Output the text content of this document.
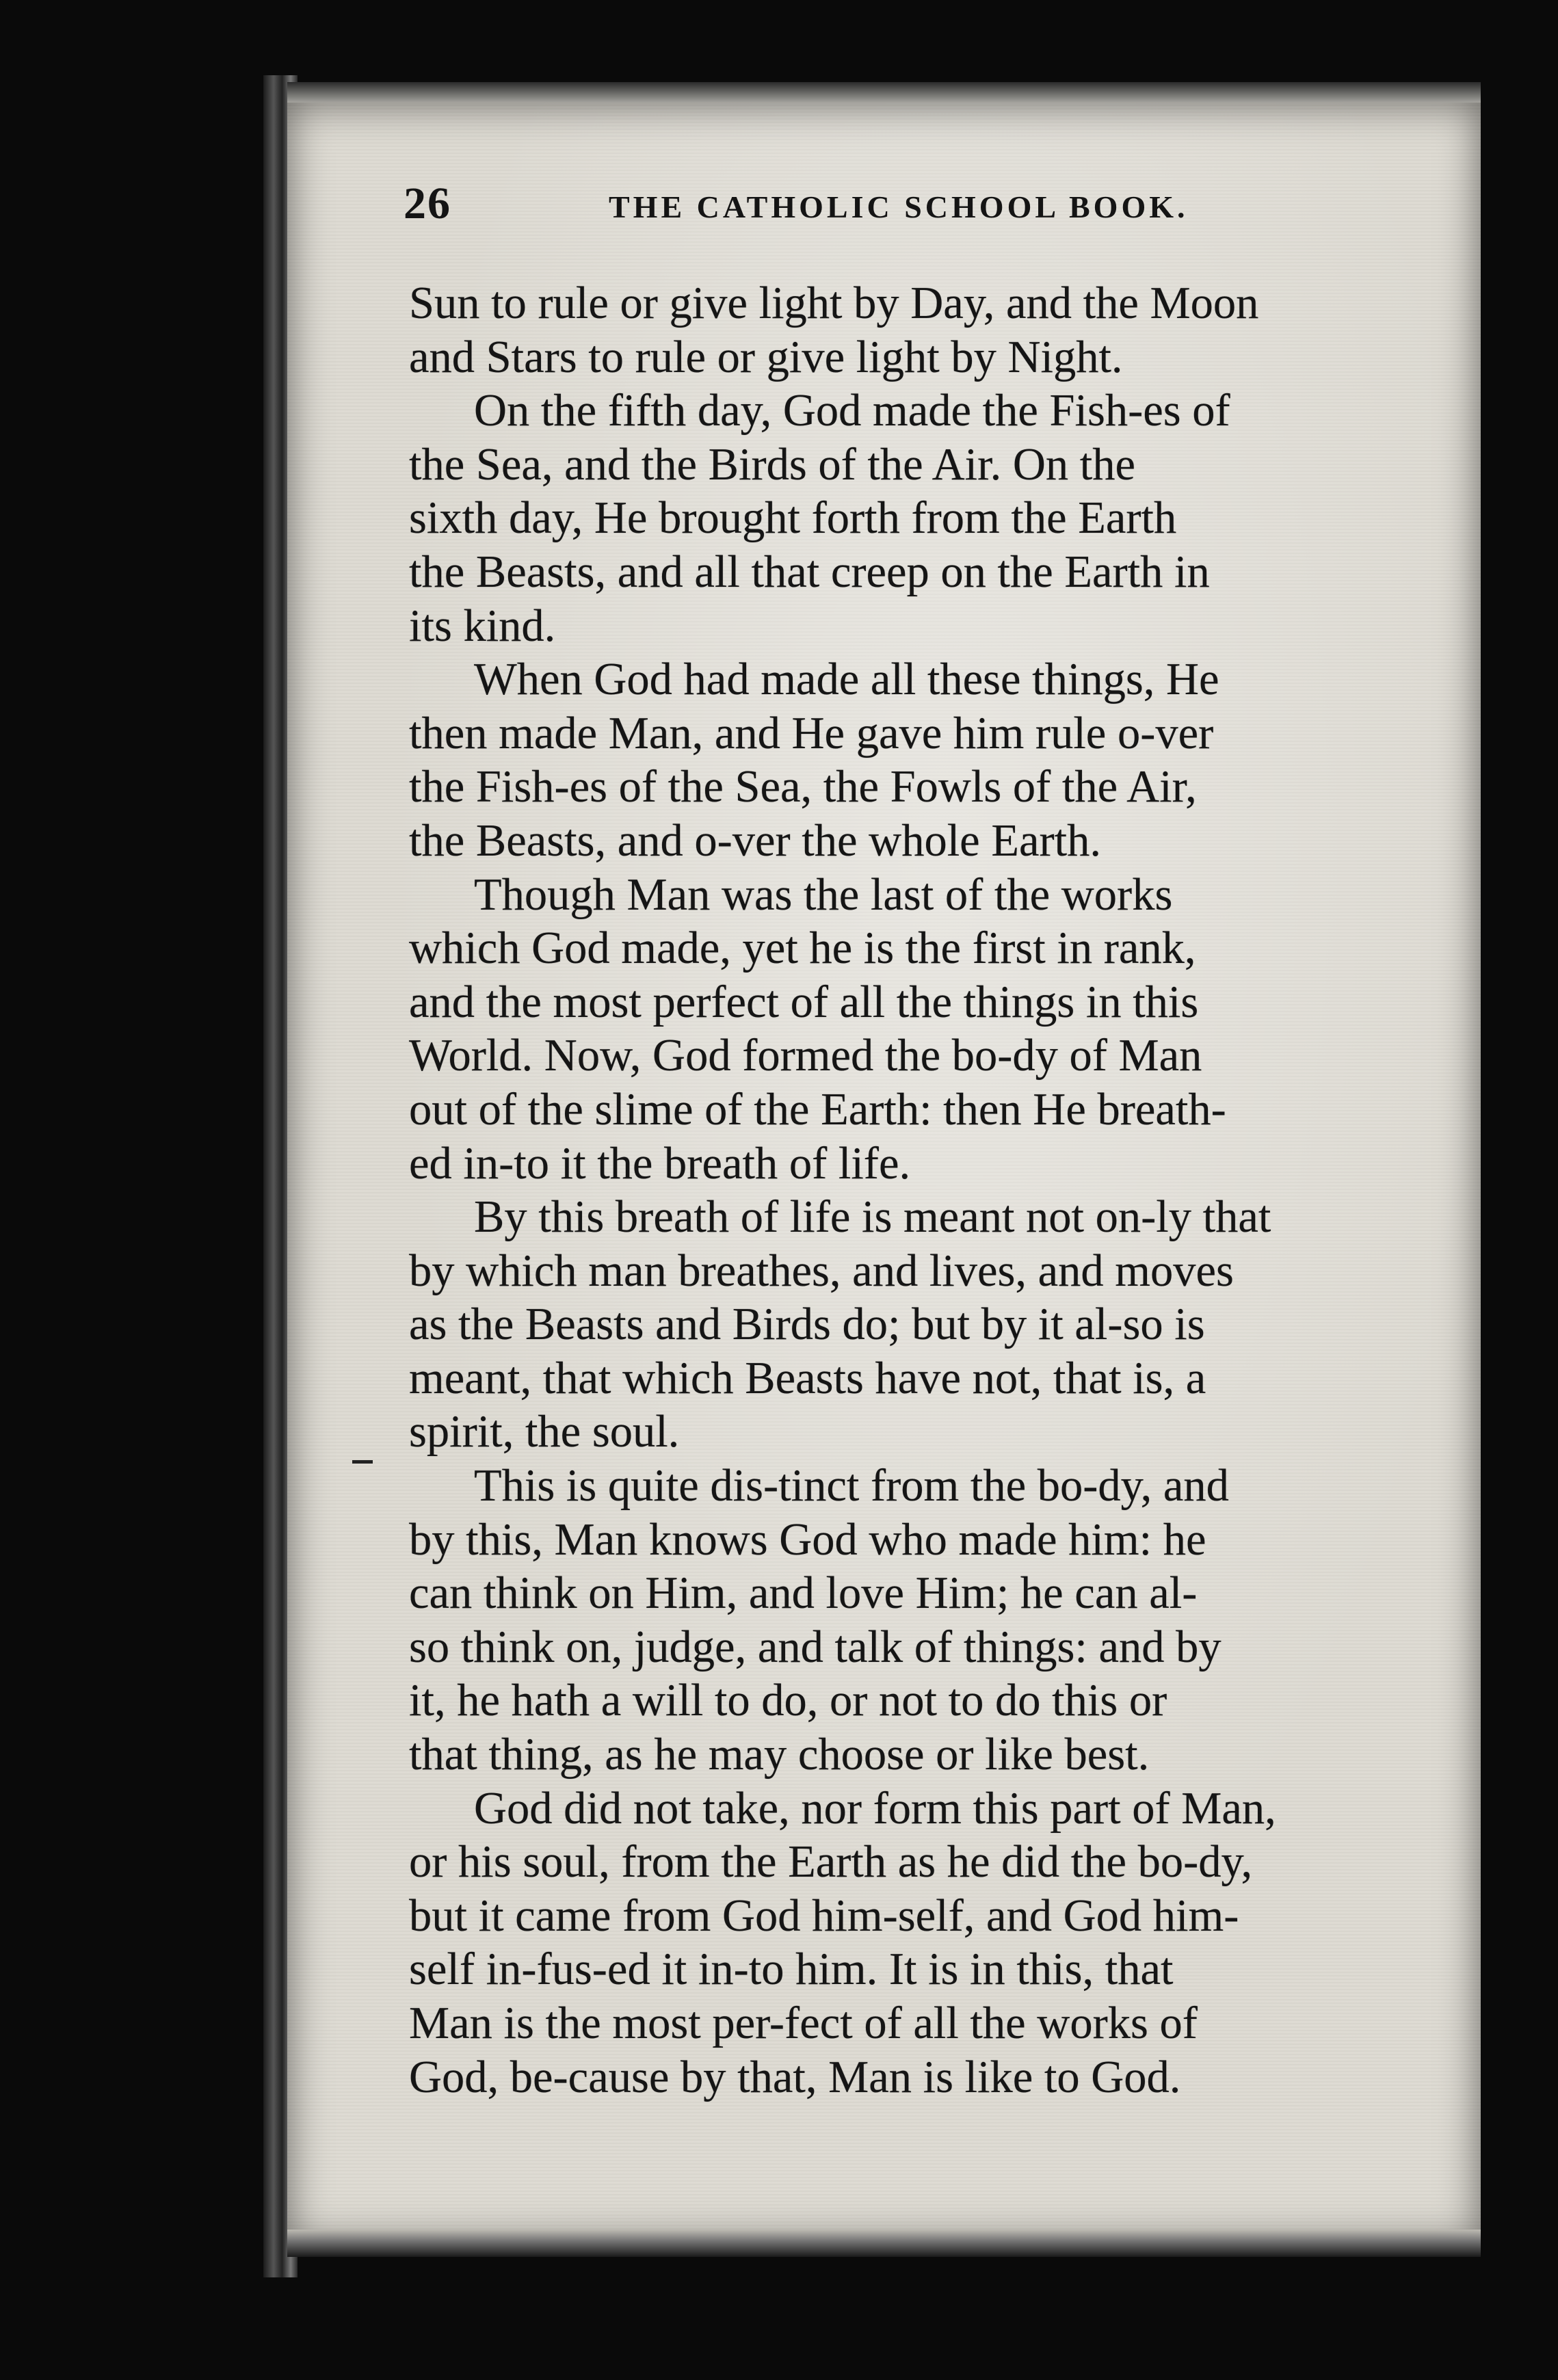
26	THE CATHOLIC SCHOOL BOOK.
Sun to rule or give light by Day, and the Moon
and Stars to rule or give light by Night.
On the fifth day, God made the Fish-es of
the Sea, and the Birds of the Air. On the
sixth day, He brought forth from the Earth
the Beasts, and all that creep on the Earth in
its kind.
When God had made all these things, He
then made Man, and He gave him rule o-ver
the Fish-es of the Sea, the Fowls of the Air,
the Beasts, and o-ver the whole Earth.
Though Man was the last of the works
which God made, yet he is the first in rank,
and the most perfect of all the things in this
World. Now, God formed the bo-dy of Man
out of the slime of the Earth: then He breath-
ed in-to it the breath of life.
By this breath of life is meant not on-ly that
by which man breathes, and lives, and moves
as the Beasts and Birds do; but by it al-so is
meant, that which Beasts have not, that is, a
spirit, the soul.
This is quite dis-tinct from the bo-dy, and
by this, Man knows God who made him: he
can think on Him, and love Him; he can al-
so think on, judge, and talk of things: and by
it, he hath a will to do, or not to do this or
that thing, as he may choose or like best.
God did not take, nor form this part of Man,
or his soul, from the Earth as he did the bo-dy,
but it came from God him-self, and God him-
self in-fus-ed it in-to him. It is in this, that
Man is the most per-fect of all the works of
God, be-cause by that, Man is like to God.
